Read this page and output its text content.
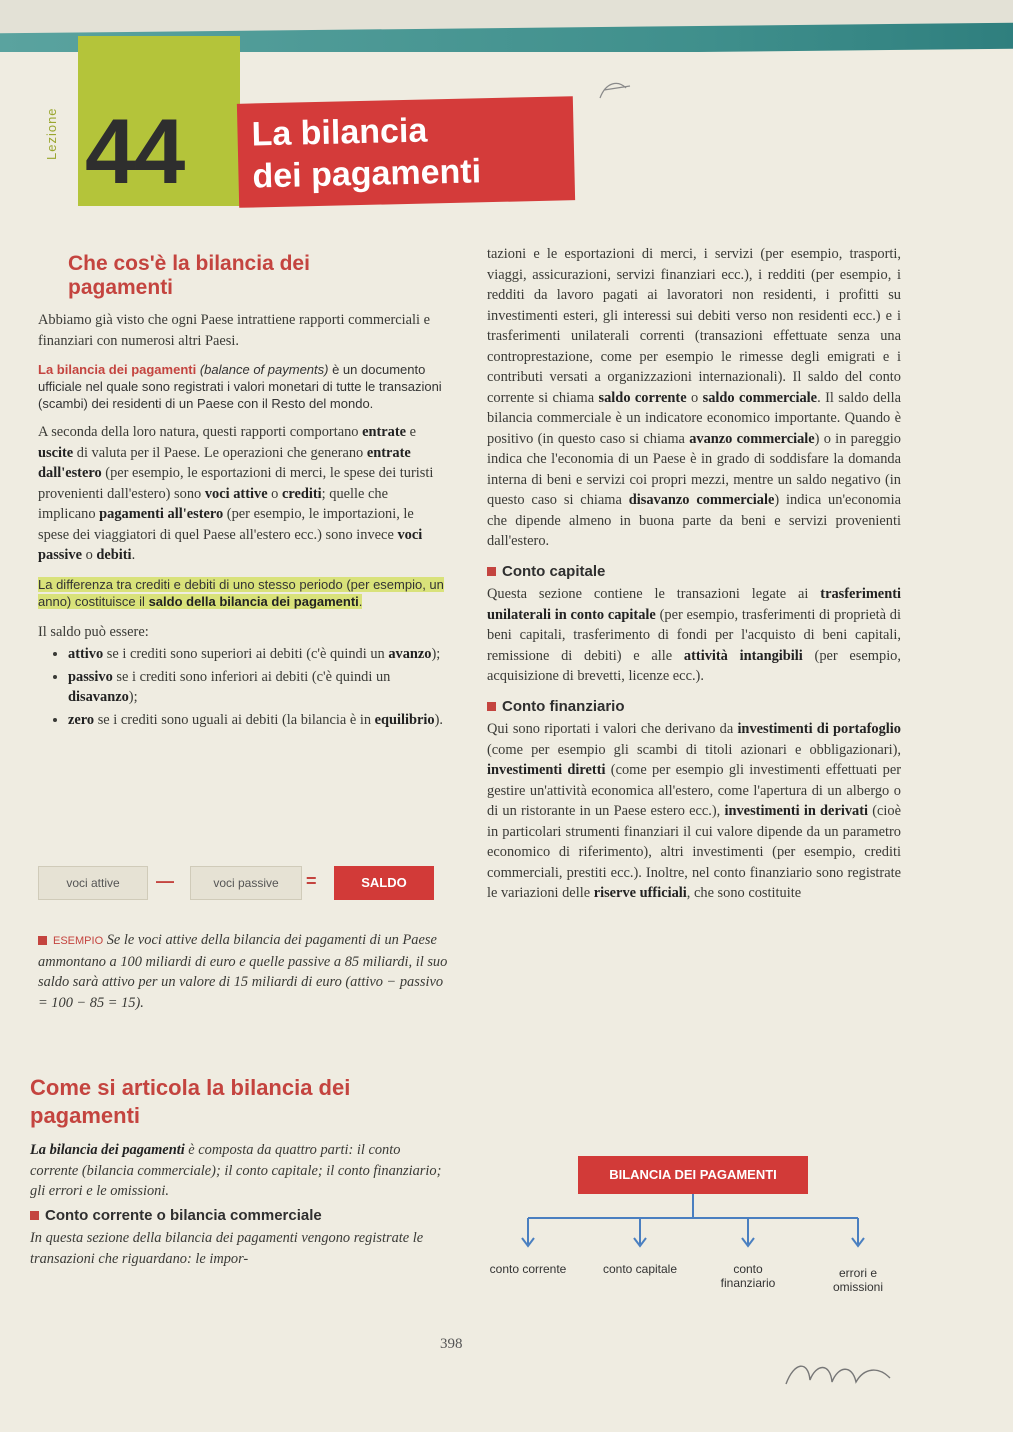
Lezione 44 La bilancia
dei pagamenti
Che cos'è la bilancia dei pagamenti
Abbiamo già visto che ogni Paese intrattiene rapporti commerciali e finanziari con numerosi altri Paesi.
La bilancia dei pagamenti (balance of payments) è un documento ufficiale nel quale sono registrati i valori monetari di tutte le transazioni (scambi) dei residenti di un Paese con il Resto del mondo.
A seconda della loro natura, questi rapporti comportano entrate e uscite di valuta per il Paese. Le operazioni che generano entrate dall'estero (per esempio, le esportazioni di merci, le spese dei turisti provenienti dall'estero) sono voci attive o crediti; quelle che implicano pagamenti all'estero (per esempio, le importazioni, le spese dei viaggiatori di quel Paese all'estero ecc.) sono invece voci passive o debiti.
La differenza tra crediti e debiti di uno stesso periodo (per esempio, un anno) costituisce il saldo della bilancia dei pagamenti.
Il saldo può essere:
• attivo se i crediti sono superiori ai debiti (c'è quindi un avanzo);
• passivo se i crediti sono inferiori ai debiti (c'è quindi un disavanzo);
• zero se i crediti sono uguali ai debiti (la bilancia è in equilibrio).
voci attive	—	voci passive	=	SALDO
ESEMPIO Se le voci attive della bilancia dei pagamenti di un Paese ammontano a 100 miliardi di euro e quelle passive a 85 miliardi, il suo saldo sarà attivo per un valore di 15 miliardi di euro (attivo − passivo = 100 − 85 = 15).
Come si articola la bilancia dei pagamenti
La bilancia dei pagamenti è composta da quattro parti: il conto corrente (bilancia commerciale); il conto capitale; il conto finanziario; gli errori e le omissioni.
Conto corrente o bilancia commerciale
In questa sezione della bilancia dei pagamenti vengono registrate le transazioni che riguardano: le impor-
tazioni e le esportazioni di merci, i servizi (per esempio, trasporti, viaggi, assicurazioni, servizi finanziari ecc.), i redditi (per esempio, i redditi da lavoro pagati ai lavoratori non residenti, i profitti su investimenti esteri, gli interessi sui debiti verso non residenti ecc.) e i trasferimenti unilaterali correnti (transazioni effettuate senza una controprestazione, come per esempio le rimesse degli emigrati e i contributi versati a organizzazioni internazionali). Il saldo del conto corrente si chiama saldo corrente o saldo commerciale. Il saldo della bilancia commerciale è un indicatore economico importante. Quando è positivo (in questo caso si chiama avanzo commerciale) o in pareggio indica che l'economia di un Paese è in grado di soddisfare la domanda interna di beni e servizi coi propri mezzi, mentre un saldo negativo (in questo caso si chiama disavanzo commerciale) indica un'economia che dipende almeno in buona parte da beni e servizi provenienti dall'estero.
Conto capitale
Questa sezione contiene le transazioni legate ai trasferimenti unilaterali in conto capitale (per esempio, trasferimenti di proprietà di beni capitali, trasferimento di fondi per l'acquisto di beni capitali, remissione di debiti) e alle attività intangibili (per esempio, acquisizione di brevetti, licenze ecc.).
Conto finanziario
Qui sono riportati i valori che derivano da investimenti di portafoglio (come per esempio gli scambi di titoli azionari e obbligazionari), investimenti diretti (come per esempio gli investimenti effettuati per gestire un'attività economica all'estero, come l'apertura di un albergo o di un ristorante in un Paese estero ecc.), investimenti in derivati (cioè in particolari strumenti finanziari il cui valore dipende da un parametro economico di riferimento), altri investimenti (per esempio, crediti commerciali, prestiti ecc.). Inoltre, nel conto finanziario sono registrate le variazioni delle riserve ufficiali, che sono costituite
BILANCIA DEI PAGAMENTI
conto corrente	conto capitale	conto finanziario
errori e omissioni
398
